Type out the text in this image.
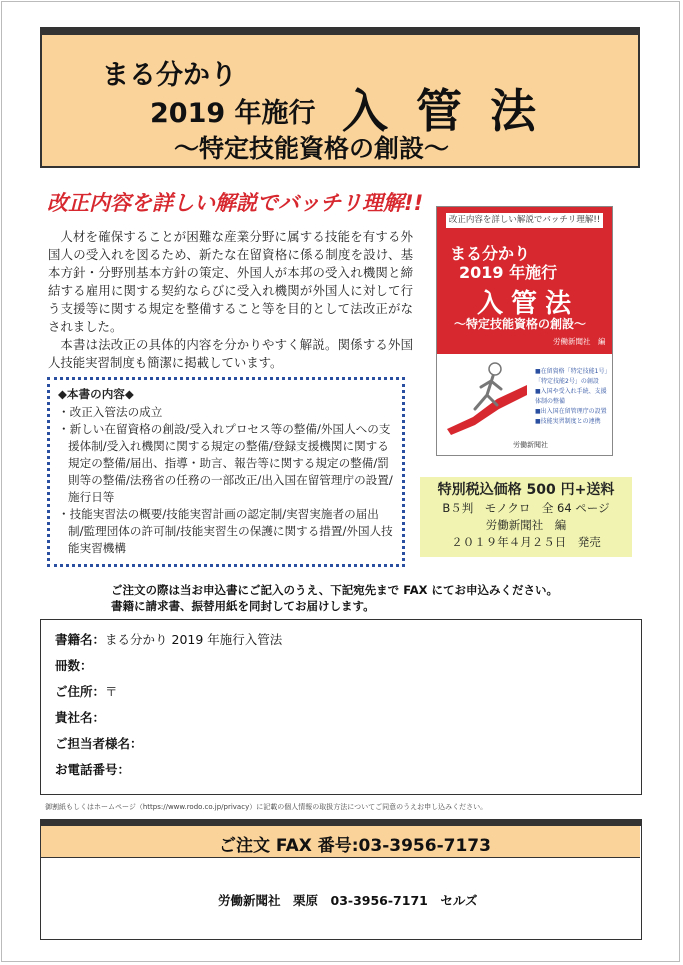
まる分かり
2019 年施行 入管法
～特定技能資格の創設～
改正内容を詳しい解説でバッチリ理解!!

人材を確保することが困難な産業分野に属する技能を有する外国人の受入れを図るため、新たな在留資格に係る制度を設け、基本方針・分野別基本方針の策定、外国人が本邦の受入れ機関と締結する雇用に関する契約ならびに受入れ機関が外国人に対して行う支援等に関する規定を整備すること等を目的として法改正がなされました。

本書は法改正の具体的内容を分かりやすく解説。関係する外国人技能実習制度も簡潔に掲載しています。

◆本書の内容◆
・ 改正入管法の成立
・ 新しい在留資格の創設/受入れプロセス等の整備/外国人への支援体制/受入れ機関に関する規定の整備/登録支援機関に関する規定の整備/届出、指導・助言、報告等に関する規定の整備/罰則等の整備/法務省の任務の一部改正/出入国在留管理庁の設置/施行日等
・ 技能実習法の概要/技能実習計画の認定制/実習実施者の届出制/監理団体の許可制/技能実習生の保護に関する措置/外国人技能実習機構
改正内容を詳しい解説でバッチリ理解!!
まる分かり
2019 年施行
入管法
～特定技能資格の創設～
労働新聞社　編
■ 在留資格「特定技能1号」「特定技能2号」の創設
■ 入国や受入れ手続、支援体制の整備
■ 出入国在留管理庁の設置
■ 技能実習制度との連携
労働新聞社
特別税込価格 500 円+送料
B５判　モノクロ　全 64 ページ
労働新聞社　編
２０１９年４月２５日　発売
ご注文の際は当お申込書にご記入のうえ、下記宛先まで FAX にてお申込みください。
書籍に請求書、振替用紙を同封してお届けします。
書籍名：まる分かり 2019 年施行入管法
冊数：
ご住所：〒
貴社名：
ご担当者様名：
お電話番号：
御割紙もしくはホームページ（https://www.rodo.co.jp/privacy）に記載の個人情報の取扱方法についてご同意のうえお申し込みください。
ご注文 FAX 番号:03-3956-7173
労働新聞社　栗原　03-3956-7171　セルズ
